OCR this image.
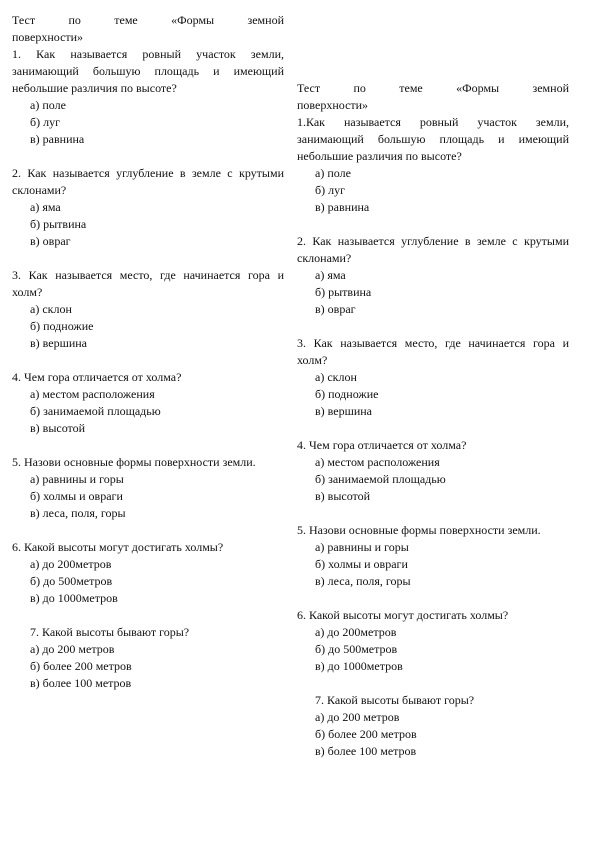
Тест по теме «Формы земной
поверхности»

1. Как называется ровный участок земли, занимающий большую площадь и имеющий небольшие различия по высоте?

а) поле
б) луг
в) равнина

2. Как называется углубление в земле с крутыми склонами?

а) яма
б) рытвина
в) овраг

3. Как называется место, где начинается гора и холм?

а) склон
б) подножие
в) вершина

4. Чем гора отличается от холма?

а) местом расположения
б) занимаемой площадью
в) высотой

5. Назови основные формы поверхности земли.

а) равнины и горы
б) холмы и овраги
в) леса, поля, горы

6. Какой высоты могут достигать холмы?

а) до 200метров
б) до 500метров
в) до 1000метров

7. Какой высоты бывают горы?

а) до 200 метров
б) более 200 метров
в) более 100 метров
Тест по теме «Формы земной
поверхности»

1.Как называется ровный участок земли, занимающий большую площадь и имеющий небольшие различия по высоте?

а) поле
б) луг
в) равнина

2. Как называется углубление в земле с крутыми склонами?

а) яма
б) рытвина
в) овраг

3. Как называется место, где начинается гора и холм?

а) склон
б) подножие
в) вершина

4. Чем гора отличается от холма?

а) местом расположения
б) занимаемой площадью
в) высотой

5. Назови основные формы поверхности земли.

а) равнины и горы
б) холмы и овраги
в) леса, поля, горы

6. Какой высоты могут достигать холмы?

а) до 200метров
б) до 500метров
в) до 1000метров

7. Какой высоты бывают горы?

а) до 200 метров
б) более 200 метров
в) более 100 метров
